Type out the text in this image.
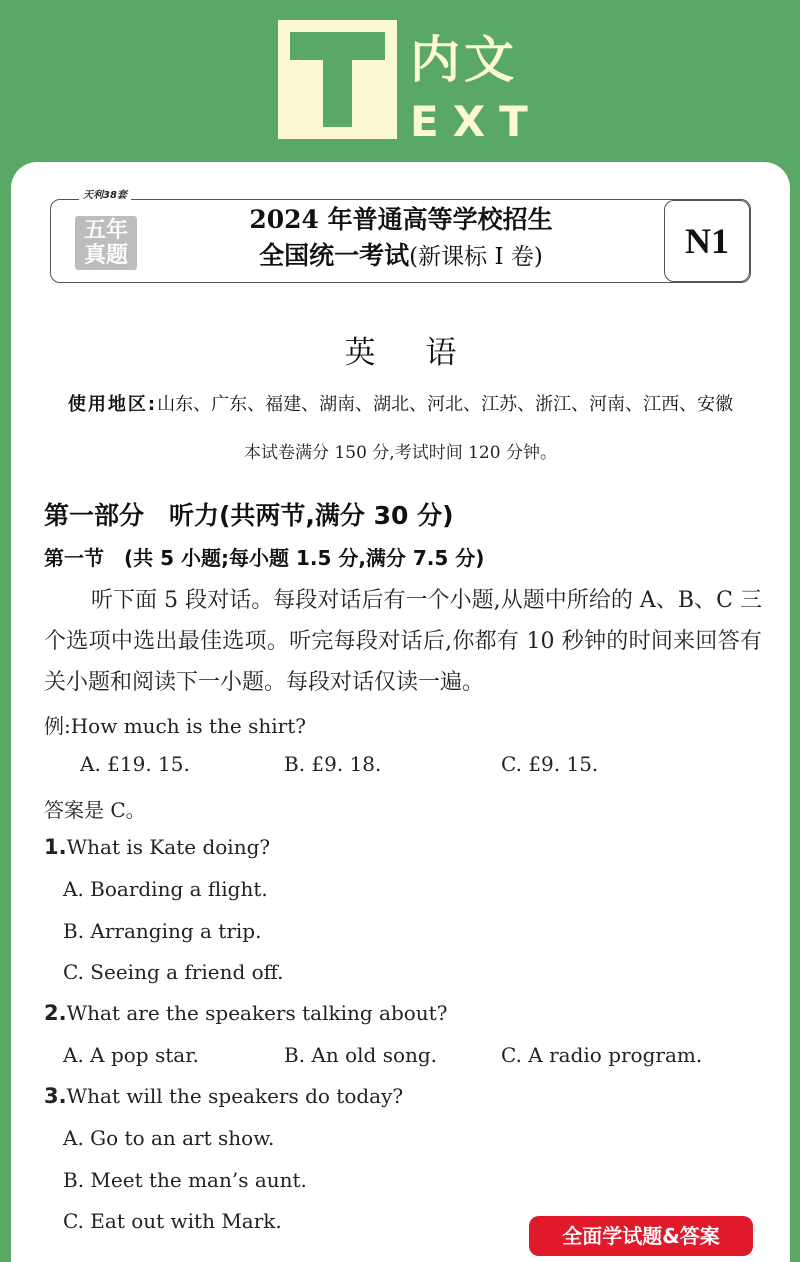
内文
EXT
天利38套
五年
真题
2024 年普通高等学校招生
全国统一考试(新课标 I 卷)	N1
英语
使用地区:山东、广东、福建、湖南、湖北、河北、江苏、浙江、河南、江西、安徽
本试卷满分 150 分,考试时间 120 分钟。
第一部分　听力(共两节,满分 30 分)
第一节　(共 5 小题;每小题 1.5 分,满分 7.5 分)
听下面 5 段对话。每段对话后有一个小题,从题中所给的 A、B、C 三个选项中选出最佳选项。听完每段对话后,你都有 10 秒钟的时间来回答有关小题和阅读下一小题。每段对话仅读一遍。
例:How much is the shirt?
A. £19. 15.	B. £9. 18.	C. £9. 15.
答案是 C。
1.What is Kate doing?
A. Boarding a flight.
B. Arranging a trip.
C. Seeing a friend off.
2.What are the speakers talking about?
A. A pop star.	B. An old song.	C. A radio program.
3.What will the speakers do today?
A. Go to an art show.
B. Meet the man’s aunt.
C. Eat out with Mark.
全面学试题&答案
